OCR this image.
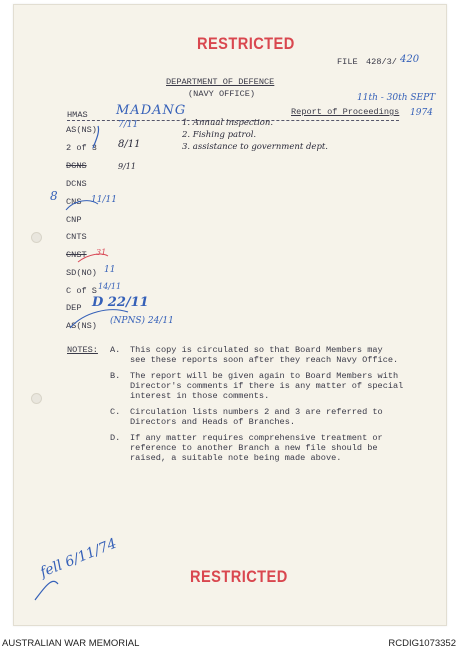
RESTRICTED
FILE 428/3/ 420
DEPARTMENT OF DEFENCE
(NAVY OFFICE)	11th - 30th SEPT
1974
HMAS MADANG	Report of Proceedings
1. Annual inspection.
2. Fishing patrol.
3. assistance to government dept.
AS(NS) 7/11
2 of 3 8/11
DGNS	9/11
DCNS
CNS 11/11
CNP
CNTS
CNST 31
SD(NO) 11
C of S 14/11
DEP D 22/11
AS(NS) (NPNS) 24/11
8
NOTES: A. This copy is circulated so that Board Members may
see these reports soon after they reach Navy Office.
B. The report will be given again to Board Members with
Director's comments if there is any matter of special
interest in those comments.
C. Circulation lists numbers 2 and 3 are referred to
Directors and Heads of Branches.
D. If any matter requires comprehensive treatment or
reference to another Branch a new file should be
raised, a suitable note being made above.
RESTRICTED
fell 6/11/74
AUSTRALIAN WAR MEMORIAL	RCDIG1073352
